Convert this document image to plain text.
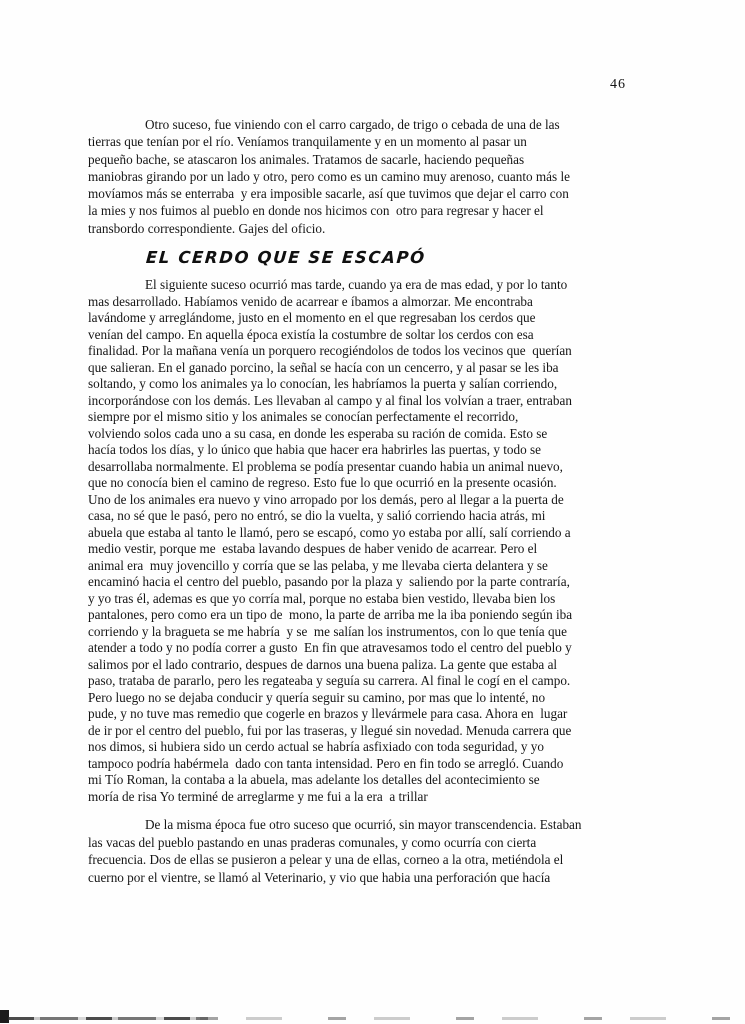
46
Otro suceso, fue viniendo con el carro cargado, de trigo o cebada de una de las
tierras que tenían por el río. Veníamos tranquilamente y en un momento al pasar un
pequeño bache, se atascaron los animales. Tratamos de sacarle, haciendo pequeñas
maniobras girando por un lado y otro, pero como es un camino muy arenoso, cuanto más le
movíamos más se enterraba  y era imposible sacarle, así que tuvimos que dejar el carro con
la mies y nos fuimos al pueblo en donde nos hicimos con  otro para regresar y hacer el
transbordo correspondiente. Gajes del oficio.
EL CERDO QUE SE ESCAPÓ
El siguiente suceso ocurrió mas tarde, cuando ya era de mas edad, y por lo tanto
mas desarrollado. Habíamos venido de acarrear e íbamos a almorzar. Me encontraba
lavándome y arreglándome, justo en el momento en el que regresaban los cerdos que
venían del campo. En aquella época existía la costumbre de soltar los cerdos con esa
finalidad. Por la mañana venía un porquero recogiéndolos de todos los vecinos que  querían
que salieran. En el ganado porcino, la señal se hacía con un cencerro, y al pasar se les iba
soltando, y como los animales ya lo conocían, les habríamos la puerta y salían corriendo,
incorporándose con los demás. Les llevaban al campo y al final los volvían a traer, entraban
siempre por el mismo sitio y los animales se conocían perfectamente el recorrido,
volviendo solos cada uno a su casa, en donde les esperaba su ración de comida. Esto se
hacía todos los días, y lo único que habia que hacer era habrirles las puertas, y todo se
desarrollaba normalmente. El problema se podía presentar cuando habia un animal nuevo,
que no conocía bien el camino de regreso. Esto fue lo que ocurrió en la presente ocasión.
Uno de los animales era nuevo y vino arropado por los demás, pero al llegar a la puerta de
casa, no sé que le pasó, pero no entró, se dio la vuelta, y salió corriendo hacia atrás, mi
abuela que estaba al tanto le llamó, pero se escapó, como yo estaba por allí, salí corriendo a
medio vestir, porque me  estaba lavando despues de haber venido de acarrear. Pero el
animal era  muy jovencillo y corría que se las pelaba, y me llevaba cierta delantera y se
encaminó hacia el centro del pueblo, pasando por la plaza y  saliendo por la parte contraría,
y yo tras él, ademas es que yo corría mal, porque no estaba bien vestido, llevaba bien los
pantalones, pero como era un tipo de  mono, la parte de arriba me la iba poniendo según iba
corriendo y la bragueta se me habría  y se  me salían los instrumentos, con lo que tenía que
atender a todo y no podía correr a gusto  En fin que atravesamos todo el centro del pueblo y
salimos por el lado contrario, despues de darnos una buena paliza. La gente que estaba al
paso, trataba de pararlo, pero les regateaba y seguía su carrera. Al final le cogí en el campo.
Pero luego no se dejaba conducir y quería seguir su camino, por mas que lo intenté, no
pude, y no tuve mas remedio que cogerle en brazos y llevármele para casa. Ahora en  lugar
de ir por el centro del pueblo, fui por las traseras, y llegué sin novedad. Menuda carrera que
nos dimos, si hubiera sido un cerdo actual se habría asfixiado con toda seguridad, y yo
tampoco podría habérmela  dado con tanta intensidad. Pero en fin todo se arregló. Cuando
mi Tío Roman, la contaba a la abuela, mas adelante los detalles del acontecimiento se
moría de risa Yo terminé de arreglarme y me fui a la era  a trillar
De la misma época fue otro suceso que ocurrió, sin mayor transcendencia. Estaban
las vacas del pueblo pastando en unas praderas comunales, y como ocurría con cierta
frecuencia. Dos de ellas se pusieron a pelear y una de ellas, corneo a la otra, metiéndola el
cuerno por el vientre, se llamó al Veterinario, y vio que habia una perforación que hacía
